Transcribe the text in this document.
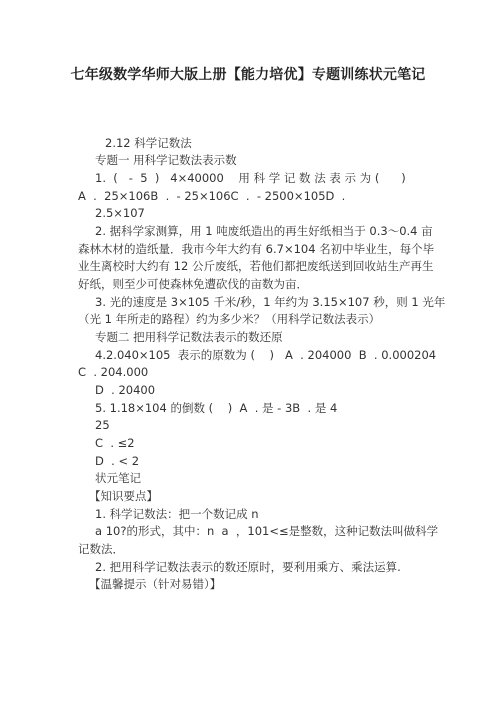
七年级数学华师大版上册【能力培优】专题训练状元笔记
2.12 科学记数法
专题一 用科学记数法表示数
1.  (   -  5  )   4×40000    用 科 学 记 数 法 表 示 为 (      )
A  .  25×106B  .  - 25×106C  .  - 2500×105D  .
2.5×107
2. 据科学家测算，用 1 吨废纸造出的再生好纸相当于 0.3～0.4 亩
森林木材的造纸量．我市今年大约有 6.7×104 名初中毕业生，每个毕
业生离校时大约有 12 公斤废纸，若他们都把废纸送到回收站生产再生
好纸，则至少可使森林免遭砍伐的亩数为亩．
3. 光的速度是 3×105 千米/秒，1 年约为 3.15×107 秒，则 1 光年
（光 1 年所走的路程）约为多少米？（用科学记数法表示）
专题二 把用科学记数法表示的数还原
4.2.040×105  表示的原数为 (    )   A  . 204000  B  . 0.000204
C  . 204.000
D  . 20400
5. 1.18×104 的倒数 (    )  A  . 是 - 3B  . 是 4
25
C  . ≤2
D  . < 2
状元笔记
【知识要点】
1. 科学记数法：把一个数记成 n
a 10?的形式，其中：n  a  ，101<≤是整数，这种记数法叫做科学
记数法．
2. 把用科学记数法表示的数还原时，要利用乘方、乘法运算.
【温馨提示（针对易错）】
